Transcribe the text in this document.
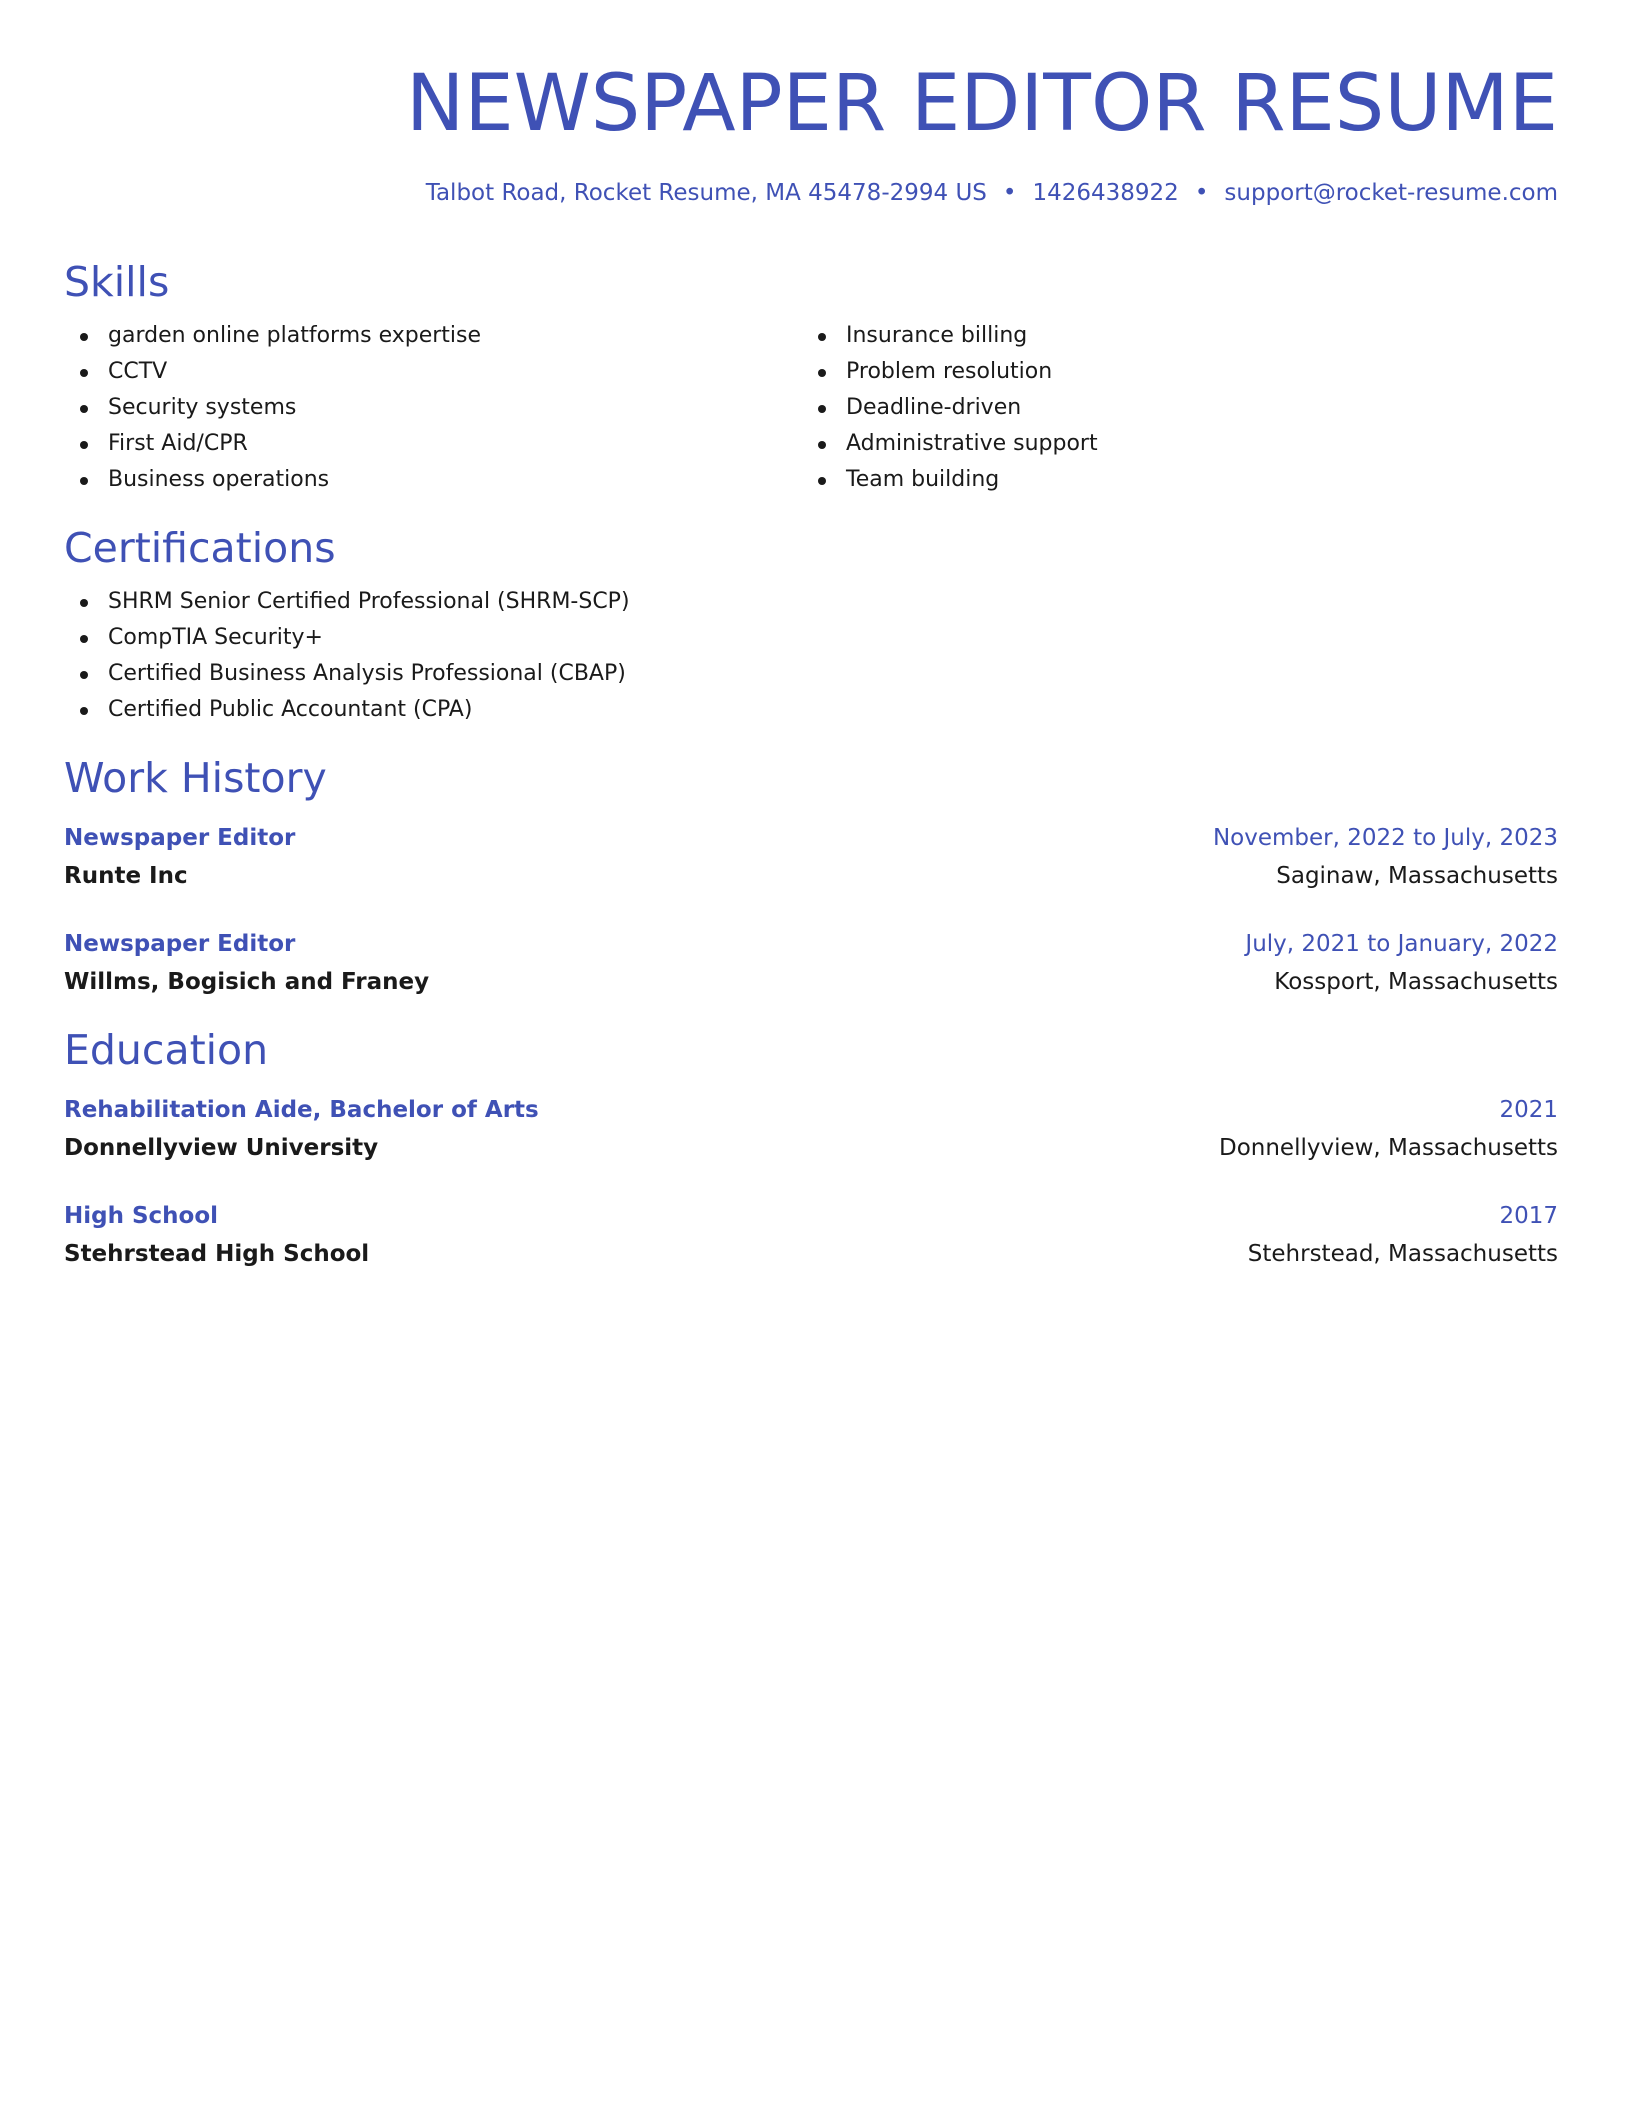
NEWSPAPER EDITOR RESUME
Talbot Road, Rocket Resume, MA 45478-2994 US • 1426438922 • support@rocket-resume.com
Skills
garden online platforms expertise
CCTV
Security systems
First Aid/CPR
Business operations
Insurance billing
Problem resolution
Deadline-driven
Administrative support
Team building
Certifications
SHRM Senior Certified Professional (SHRM-SCP)
CompTIA Security+
Certified Business Analysis Professional (CBAP)
Certified Public Accountant (CPA)
Work History
Newspaper Editor	November, 2022 to July, 2023
Runte Inc	Saginaw, Massachusetts
Newspaper Editor	July, 2021 to January, 2022
Willms, Bogisich and Franey	Kossport, Massachusetts
Education
Rehabilitation Aide, Bachelor of Arts	2021
Donnellyview University	Donnellyview, Massachusetts
High School	2017
Stehrstead High School	Stehrstead, Massachusetts
